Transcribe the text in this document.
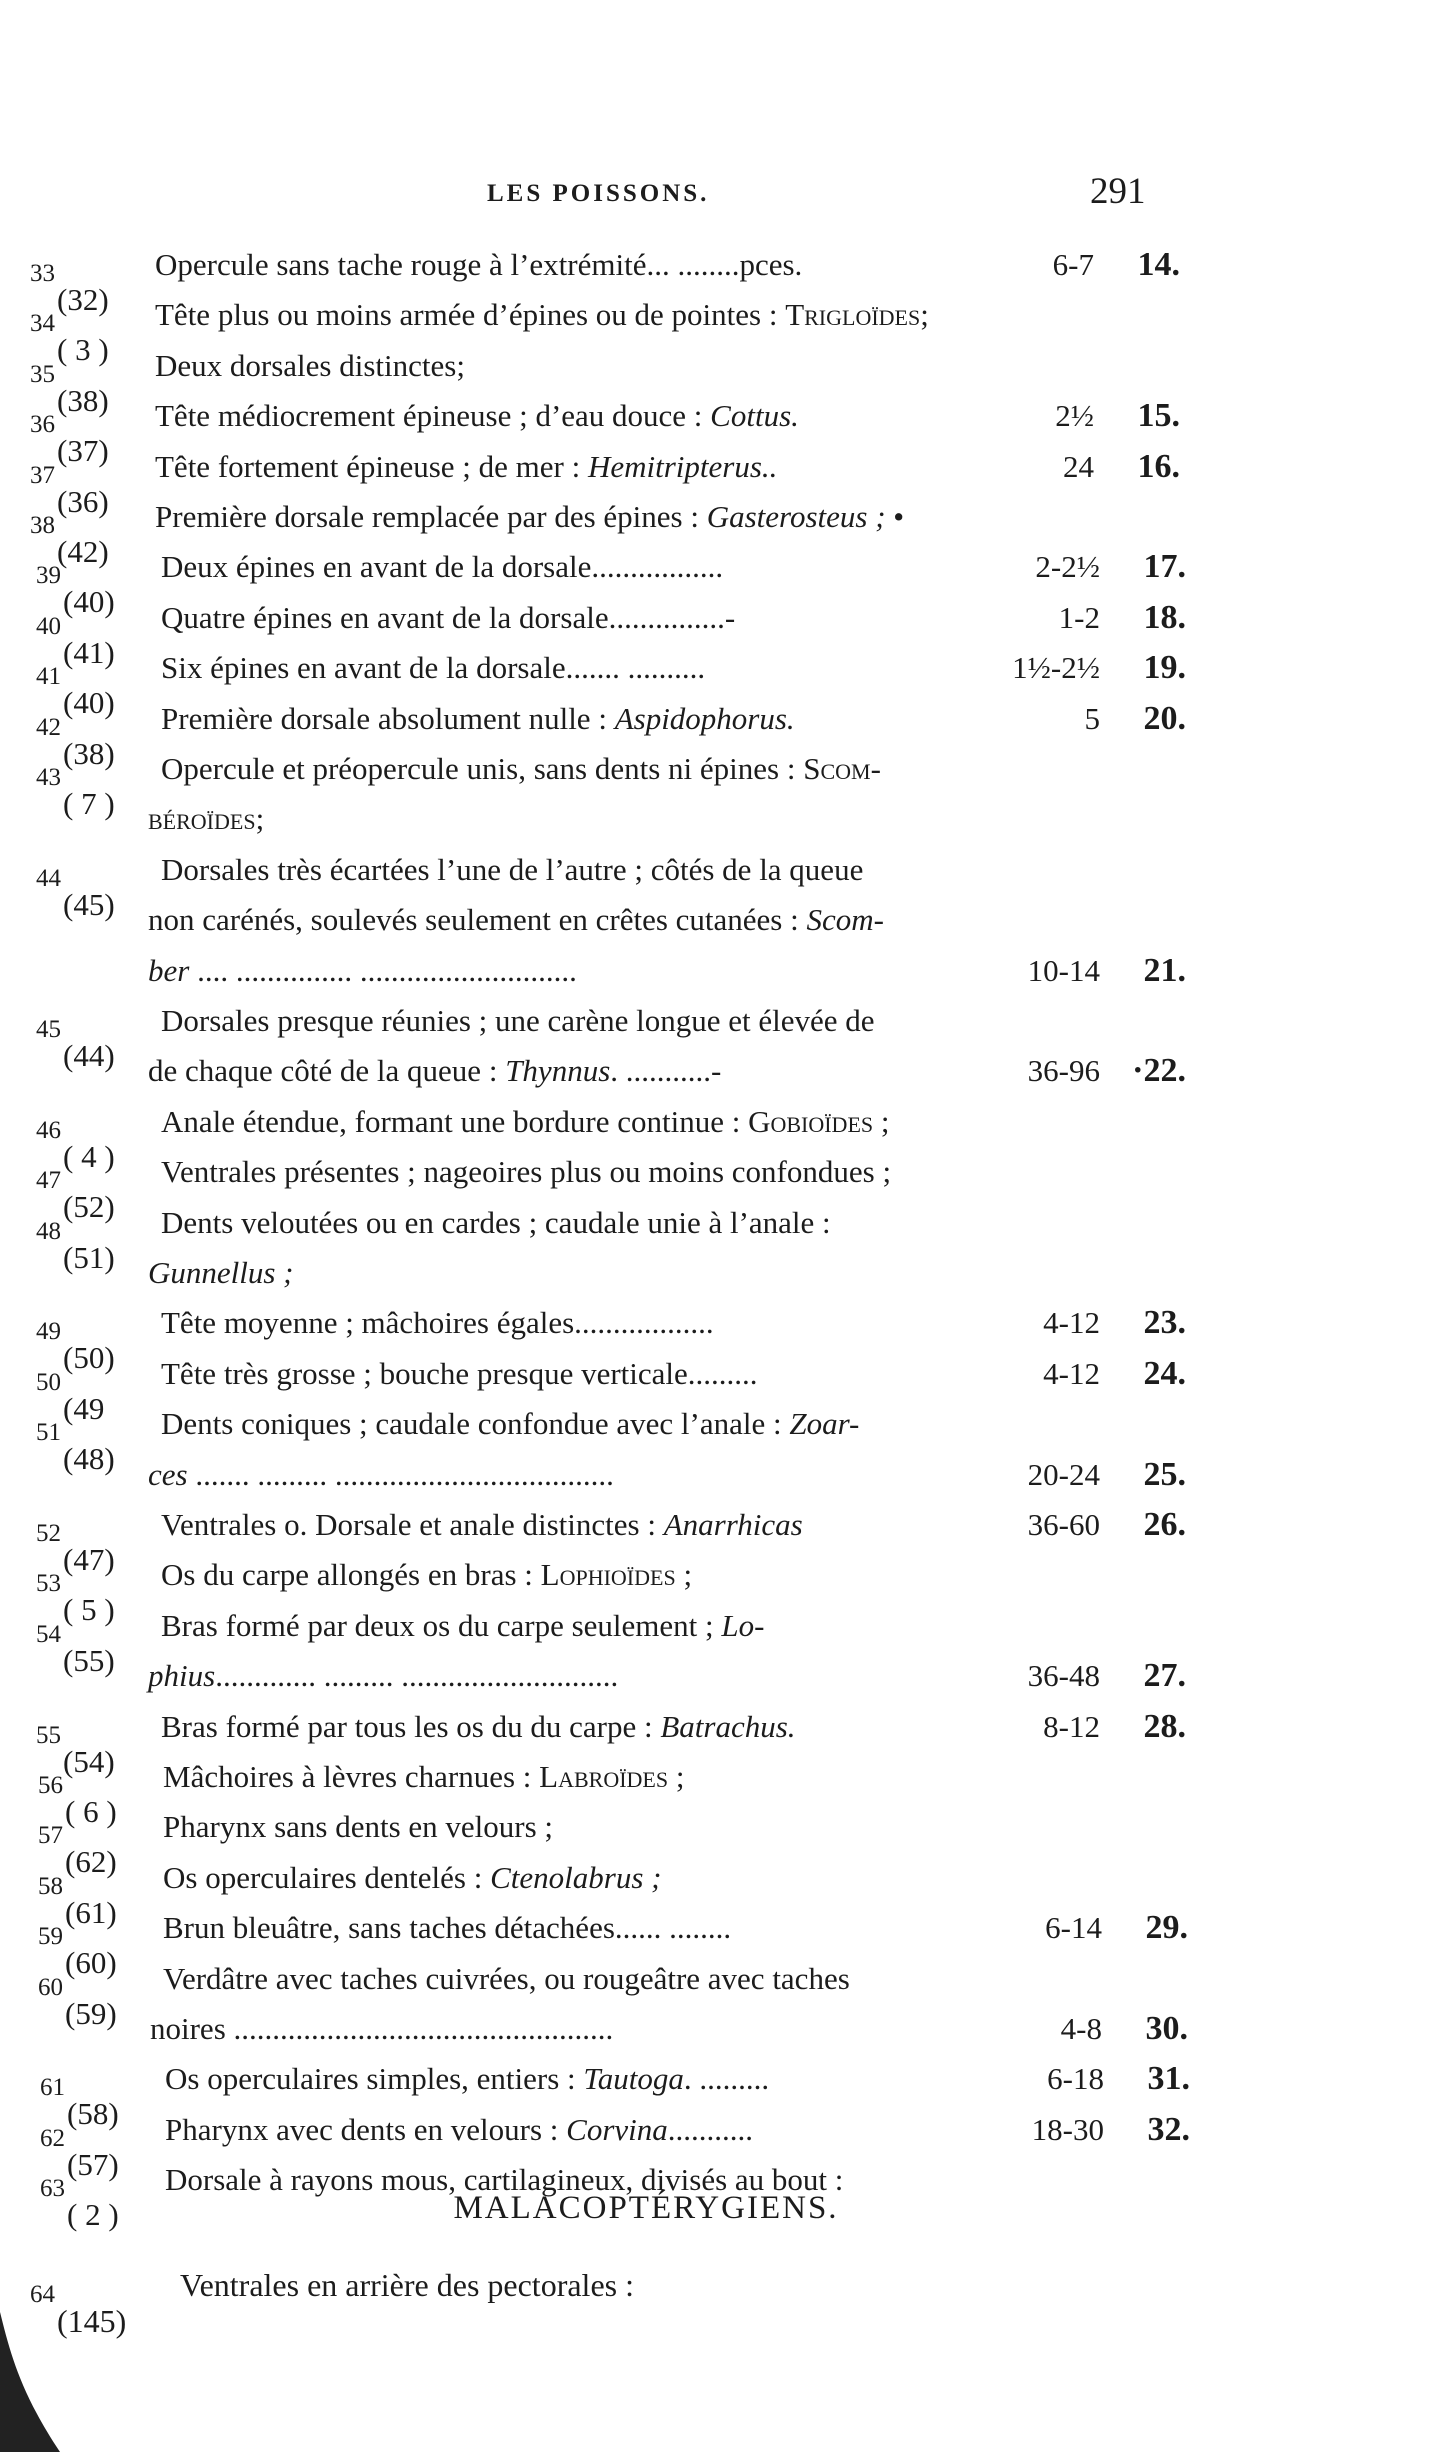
LES POISSONS.	291
33
(32)
Opercule sans tache rouge à l’extrémité... ........pces.	6-7 14.
34
( 3 )
Tête plus ou moins armée d’épines ou de pointes : Trigloïdes;
35
(38)
Deux dorsales distinctes;
36
(37)
Tête médiocrement épineuse ; d’eau douce : Cottus.	2½ 15.
37
(36)
Tête fortement épineuse ; de mer : Hemitripterus..	24 16.
38
(42)
Première dorsale remplacée par des épines : Gasterosteus ; •
39
(40)
Deux épines en avant de la dorsale.................	2-2½ 17.
40
(41)
Quatre épines en avant de la dorsale...............-	1-2 18.
41
(40)
Six épines en avant de la dorsale....... ..........	1½-2½ 19.
42
(38)
Première dorsale absolument nulle : Aspidophorus.	5 20.
43
( 7 )
Opercule et préopercule unis, sans dents ni épines : Scom-
béroïdes;
44
(45)
Dorsales très écartées l’une de l’autre ; côtés de la queue
non carénés, soulevés seulement en crêtes cutanées : Scom-
ber .... ............... ............................	10-14 21.
45
(44)
Dorsales presque réunies ; une carène longue et élevée de
de chaque côté de la queue : Thynnus. ...........-	36-96 ·22.
46
( 4 )
Anale étendue, formant une bordure continue : Gobioïdes ;
47
(52)
Ventrales présentes ; nageoires plus ou moins confondues ;
48
(51)
Dents veloutées ou en cardes ; caudale unie à l’anale :
Gunnellus ;
49
(50)
Tête moyenne ; mâchoires égales..................	4-12 23.
50
(49
Tête très grosse ; bouche presque verticale.........	4-12 24.
51
(48)
Dents coniques ; caudale confondue avec l’anale : Zoar-
ces ....... ......... ....................................	20-24 25.
52
(47)
Ventrales o. Dorsale et anale distinctes : Anarrhicas	36-60 26.
53
( 5 )
Os du carpe allongés en bras : Lophioïdes ;
54
(55)
Bras formé par deux os du carpe seulement ; Lo-
phius............. ......... ............................	36-48 27.
55
(54)
Bras formé par tous les os du du carpe : Batrachus.	8-12 28.
56
( 6 )
Mâchoires à lèvres charnues : Labroïdes ;
57
(62)
Pharynx sans dents en velours ;
58
(61)
Os operculaires dentelés : Ctenolabrus ;
59
(60)
Brun bleuâtre, sans taches détachées...... ........	6-14 29.
60
(59)
Verdâtre avec taches cuivrées, ou rougeâtre avec taches
noires .................................................	4-8 30.
61
(58)
Os operculaires simples, entiers : Tautoga. .........	6-18 31.
62
(57)
Pharynx avec dents en velours : Corvina...........	18-30 32.
63
( 2 )
Dorsale à rayons mous, cartilagineux, divisés au bout :
MALACOPTÉRYGIENS.
64
(145)
Ventrales en arrière des pectorales :
